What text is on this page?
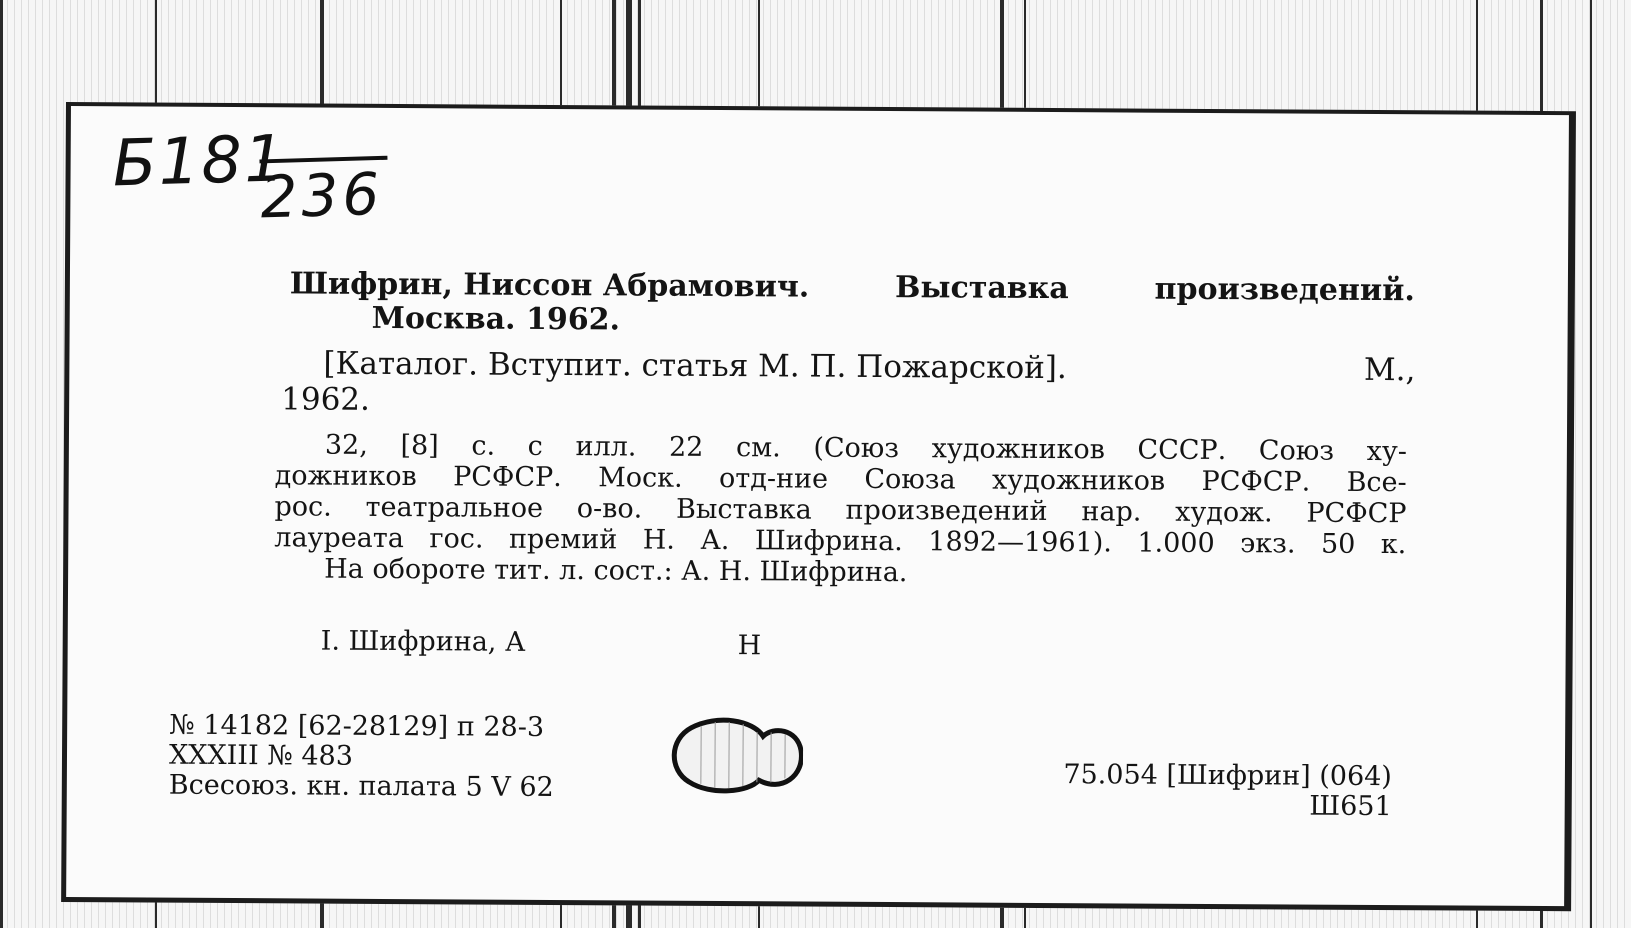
Б181
236
Шифрин, Ниссон Абрамович.	Выставка	произведений.
Москва. 1962.
[Каталог. Вступит. статья М. П. Пожарской].	М.,
1962.
32, [8] с. с илл. 22 см. (Союз художников СССР. Союз ху-
дожников РСФСР. Моск. отд-ние Союза художников РСФСР. Все-
рос. театральное о-во. Выставка произведений нар. худож. РСФСР
лауреата гос. премий Н. А. Шифрина. 1892—1961). 1.000 экз. 50 к.
На обороте тит. л. сост.: А. Н. Шифрина.
I. Шифрина, А	Н
№ 14182 [62-28129] п 28-3
XXXIII № 483
Всесоюз. кн. палата 5 V 62	75.054 [Шифрин] (064)
Ш651
